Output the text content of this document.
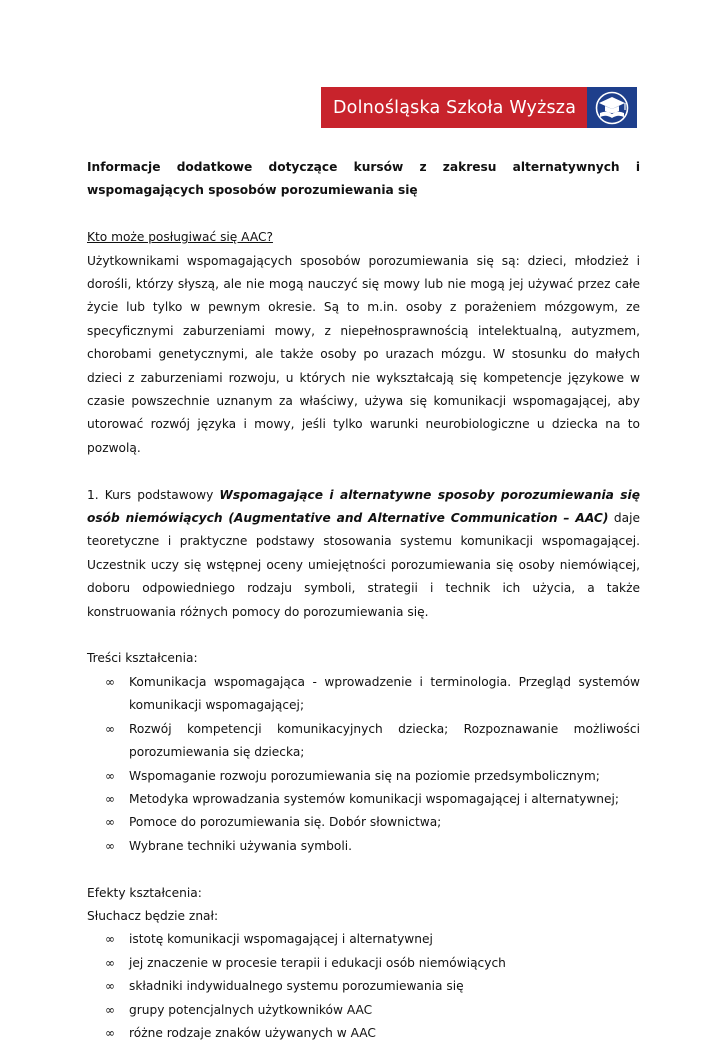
Dolnośląska Szkoła Wyższa

Informacje dodatkowe dotyczące kursów z zakresu alternatywnych i wspomagających sposobów porozumiewania się

Kto może posługiwać się AAC?

Użytkownikami wspomagających sposobów porozumiewania się są: dzieci, młodzież i dorośli, którzy słyszą, ale nie mogą nauczyć się mowy lub nie mogą jej używać przez całe życie lub tylko w pewnym okresie. Są to m.in. osoby z porażeniem mózgowym, ze specyficznymi zaburzeniami mowy, z niepełnosprawnością intelektualną, autyzmem, chorobami genetycznymi, ale także osoby po urazach mózgu. W stosunku do małych dzieci z zaburzeniami rozwoju, u których nie wykształcają się kompetencje językowe w czasie powszechnie uznanym za właściwy, używa się komunikacji wspomagającej, aby utorować rozwój języka i mowy, jeśli tylko warunki neurobiologiczne u dziecka na to pozwolą.

1. Kurs podstawowy Wspomagające i alternatywne sposoby porozumiewania się osób niemówiących (Augmentative and Alternative Communication – AAC) daje teoretyczne i praktyczne podstawy stosowania systemu komunikacji wspomagającej. Uczestnik uczy się wstępnej oceny umiejętności porozumiewania się osoby niemówiącej, doboru odpowiedniego rodzaju symboli, strategii i technik ich użycia, a także konstruowania różnych pomocy do porozumiewania się.

Treści kształcenia:

∞	Komunikacja wspomagająca - wprowadzenie i terminologia. Przegląd systemów komunikacji wspomagającej;
∞	Rozwój kompetencji komunikacyjnych dziecka; Rozpoznawanie możliwości porozumiewania się dziecka;
∞	Wspomaganie rozwoju porozumiewania się na poziomie przedsymbolicznym;
∞	Metodyka wprowadzania systemów komunikacji wspomagającej i alternatywnej;
∞	Pomoce do porozumiewania się. Dobór słownictwa;
∞	Wybrane techniki używania symboli.

Efekty kształcenia:

Słuchacz będzie znał:

∞	istotę komunikacji wspomagającej i alternatywnej
∞	jej znaczenie w procesie terapii i edukacji osób niemówiących
∞	składniki indywidualnego systemu porozumiewania się
∞	grupy potencjalnych użytkowników AAC
∞	różne rodzaje znaków używanych w AAC
